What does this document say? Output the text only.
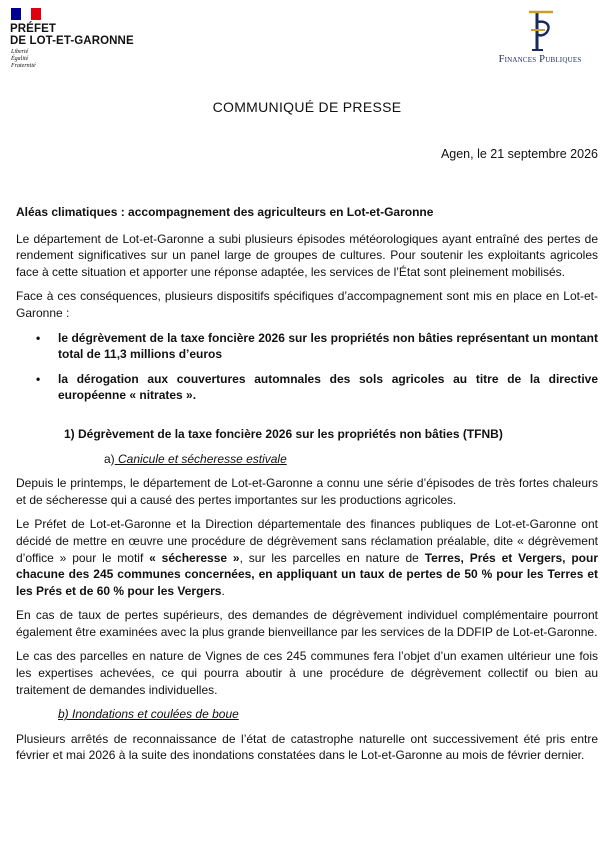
PRÉFET
DE LOT-ET-GARONNE
Liberté
Égalité
Fraternité
Finances Publiques
COMMUNIQUÉ DE PRESSE
Agen, le 21 septembre 2026

Aléas climatiques : accompagnement des agriculteurs en Lot-et-Garonne

Le département de Lot-et-Garonne a subi plusieurs épisodes météorologiques ayant entraîné des pertes de rendement significatives sur un panel large de groupes de cultures. Pour soutenir les exploitants agricoles face à cette situation et apporter une réponse adaptée, les services de l’État sont pleinement mobilisés.

Face à ces conséquences, plusieurs dispositifs spécifiques d’accompagnement sont mis en place en Lot-et-Garonne :

• le dégrèvement de la taxe foncière 2026 sur les propriétés non bâties représentant un montant total de 11,3 millions d’euros
• la dérogation aux couvertures automnales des sols agricoles au titre de la directive européenne « nitrates ».

1) Dégrèvement de la taxe foncière 2026 sur les propriétés non bâties (TFNB)

a) Canicule et sécheresse estivale

Depuis le printemps, le département de Lot-et-Garonne a connu une série d’épisodes de très fortes chaleurs et de sécheresse qui a causé des pertes importantes sur les productions agricoles.

Le Préfet de Lot-et-Garonne et la Direction départementale des finances publiques de Lot-et-Garonne ont décidé de mettre en œuvre une procédure de dégrèvement sans réclamation préalable, dite « dégrèvement d’office » pour le motif « sécheresse », sur les parcelles en nature de Terres, Prés et Vergers, pour chacune des 245 communes concernées, en appliquant un taux de pertes de 50 % pour les Terres et les Prés et de 60 % pour les Vergers.

En cas de taux de pertes supérieurs, des demandes de dégrèvement individuel complémentaire pourront également être examinées avec la plus grande bienveillance par les services de la DDFIP de Lot-et-Garonne.

Le cas des parcelles en nature de Vignes de ces 245 communes fera l’objet d’un examen ultérieur une fois les expertises achevées, ce qui pourra aboutir à une procédure de dégrèvement collectif ou bien au traitement de demandes individuelles.

b) Inondations et coulées de boue

Plusieurs arrêtés de reconnaissance de l’état de catastrophe naturelle ont successivement été pris entre février et mai 2026 à la suite des inondations constatées dans le Lot-et-Garonne au mois de février dernier.
